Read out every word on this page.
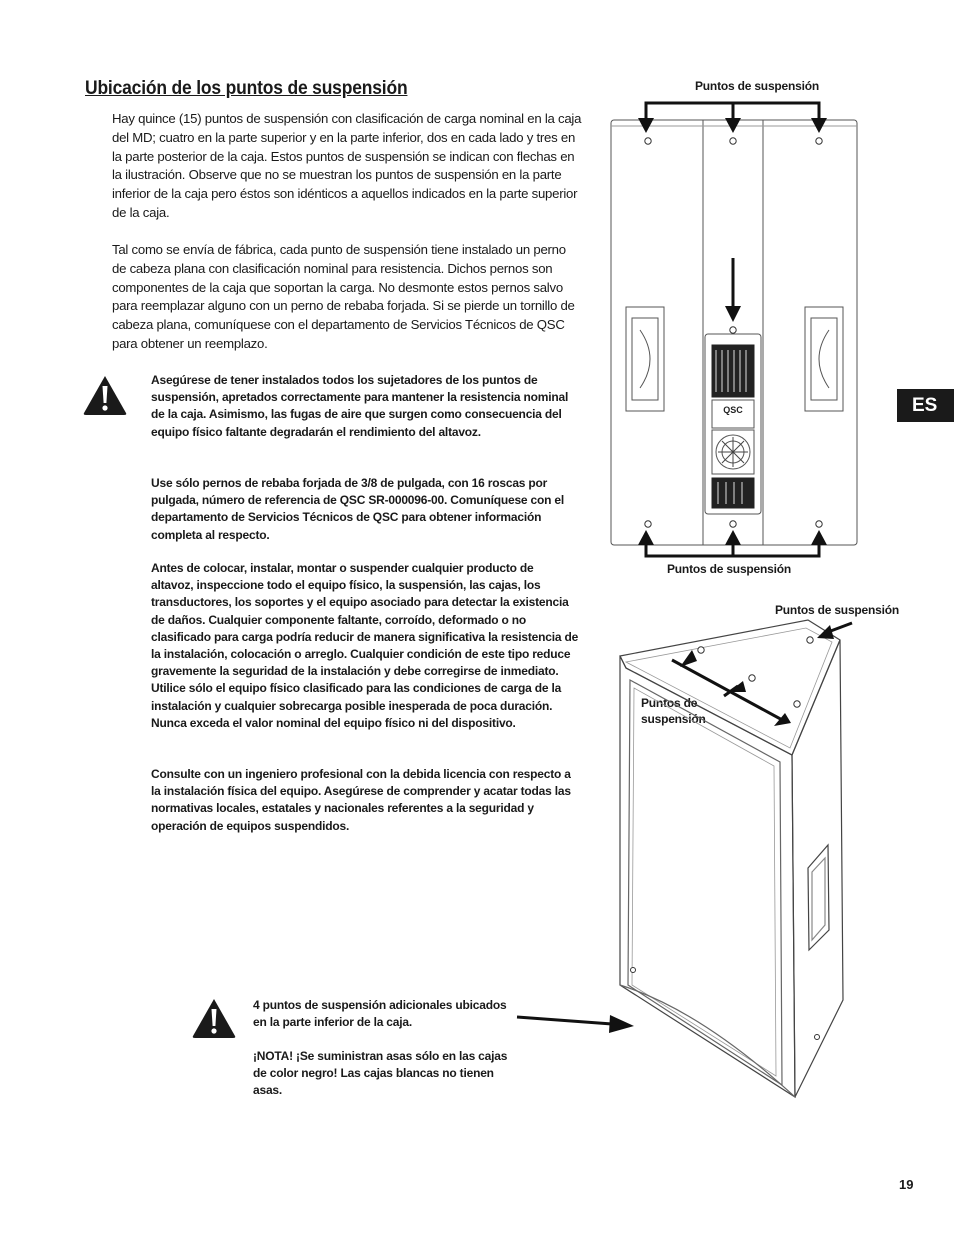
Ubicación de los puntos de suspensión

Hay quince (15) puntos de suspensión con clasificación de carga nominal en la caja del MD; cuatro en la parte superior y en la parte inferior, dos en cada lado y tres en la parte posterior de la caja. Estos puntos de suspensión se indican con flechas en la ilustración. Observe que no se muestran los puntos de suspensión en la parte inferior de la caja pero éstos son idénticos a aquellos indicados en la parte superior de la caja.

Tal como se envía de fábrica, cada punto de suspensión tiene instalado un perno de cabeza plana con clasificación nominal para resistencia. Dichos pernos son componentes de la caja que soportan la carga. No desmonte estos pernos salvo para reemplazar alguno con un perno de rebaba forjada. Si se pierde un tornillo de cabeza plana, comuníquese con el departamento de Servicios Técnicos de QSC para obtener un reemplazo.

Asegúrese de tener instalados todos los sujetadores de los puntos de suspensión, apretados correctamente para mantener la resistencia nominal de la caja. Asimismo, las fugas de aire que surgen como consecuencia del equipo físico faltante degradarán el rendimiento del altavoz.

Use sólo pernos de rebaba forjada de 3/8 de pulgada, con 16 roscas por pulgada, número de referencia de QSC SR-000096-00. Comuníquese con el departamento de Servicios Técnicos de QSC para obtener información completa al respecto.

Antes de colocar, instalar, montar o suspender cualquier producto de altavoz, inspeccione todo el equipo físico, la suspensión, las cajas, los transductores, los soportes y el equipo asociado para detectar la existencia de daños. Cualquier componente faltante, corroído, deformado o no clasificado para carga podría reducir de manera significativa la resistencia de la instalación, colocación o arreglo. Cualquier condición de este tipo reduce gravemente la seguridad de la instalación y debe corregirse de inmediato. Utilice sólo el equipo físico clasificado para las condiciones de carga de la instalación y cualquier sobrecarga posible inesperada de poca duración. Nunca exceda el valor nominal del equipo físico ni del dispositivo.

Consulte con un ingeniero profesional con la debida licencia con respecto a la instalación física del equipo. Asegúrese de comprender y acatar todas las normativas locales, estatales y nacionales referentes a la seguridad y operación de equipos suspendidos.

4 puntos de suspensión adicionales ubicados en la parte inferior de la caja.

¡NOTA! ¡Se suministran asas sólo en las cajas de color negro! Las cajas blancas no tienen asas.

Puntos de suspensión
Puntos de suspensión
QSC
Puntos de suspensión
Puntos de suspensión
ES
19
